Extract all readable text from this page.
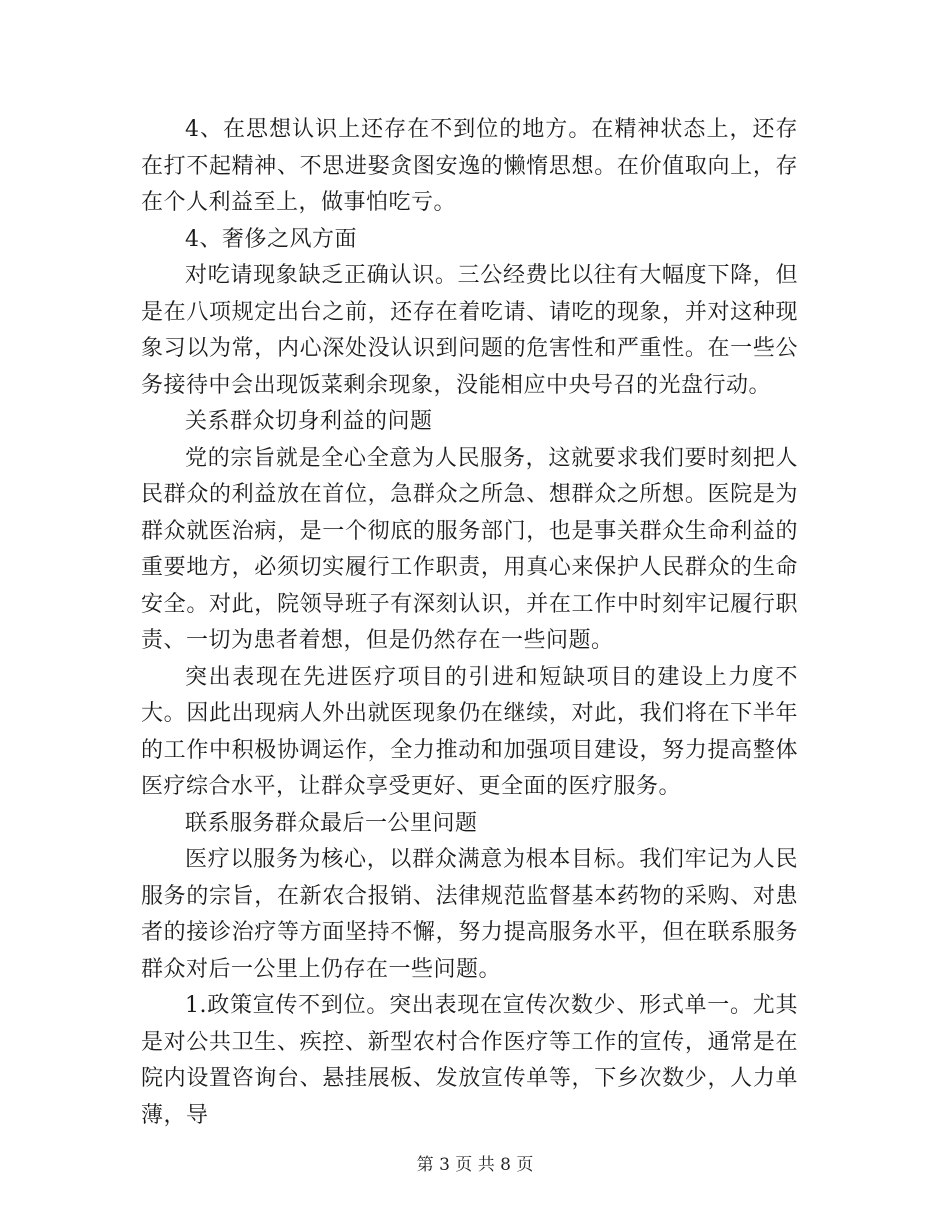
4、在思想认识上还存在不到位的地方。在精神状态上，还存在打不起精神、不思进娶贪图安逸的懒惰思想。在价值取向上，存在个人利益至上，做事怕吃亏。

4、奢侈之风方面

对吃请现象缺乏正确认识。三公经费比以往有大幅度下降，但是在八项规定出台之前，还存在着吃请、请吃的现象，并对这种现象习以为常，内心深处没认识到问题的危害性和严重性。在一些公务接待中会出现饭菜剩余现象，没能相应中央号召的光盘行动。

关系群众切身利益的问题

党的宗旨就是全心全意为人民服务，这就要求我们要时刻把人民群众的利益放在首位，急群众之所急、想群众之所想。医院是为群众就医治病，是一个彻底的服务部门，也是事关群众生命利益的重要地方，必须切实履行工作职责，用真心来保护人民群众的生命安全。对此，院领导班子有深刻认识，并在工作中时刻牢记履行职责、一切为患者着想，但是仍然存在一些问题。

突出表现在先进医疗项目的引进和短缺项目的建设上力度不大。因此出现病人外出就医现象仍在继续，对此，我们将在下半年的工作中积极协调运作，全力推动和加强项目建设，努力提高整体医疗综合水平，让群众享受更好、更全面的医疗服务。

联系服务群众最后一公里问题

医疗以服务为核心，以群众满意为根本目标。我们牢记为人民服务的宗旨，在新农合报销、法律规范监督基本药物的采购、对患者的接诊治疗等方面坚持不懈，努力提高服务水平，但在联系服务群众对后一公里上仍存在一些问题。

1.政策宣传不到位。突出表现在宣传次数少、形式单一。尤其是对公共卫生、疾控、新型农村合作医疗等工作的宣传，通常是在院内设置咨询台、悬挂展板、发放宣传单等，下乡次数少，人力单薄，导

第 3 页 共 8 页
